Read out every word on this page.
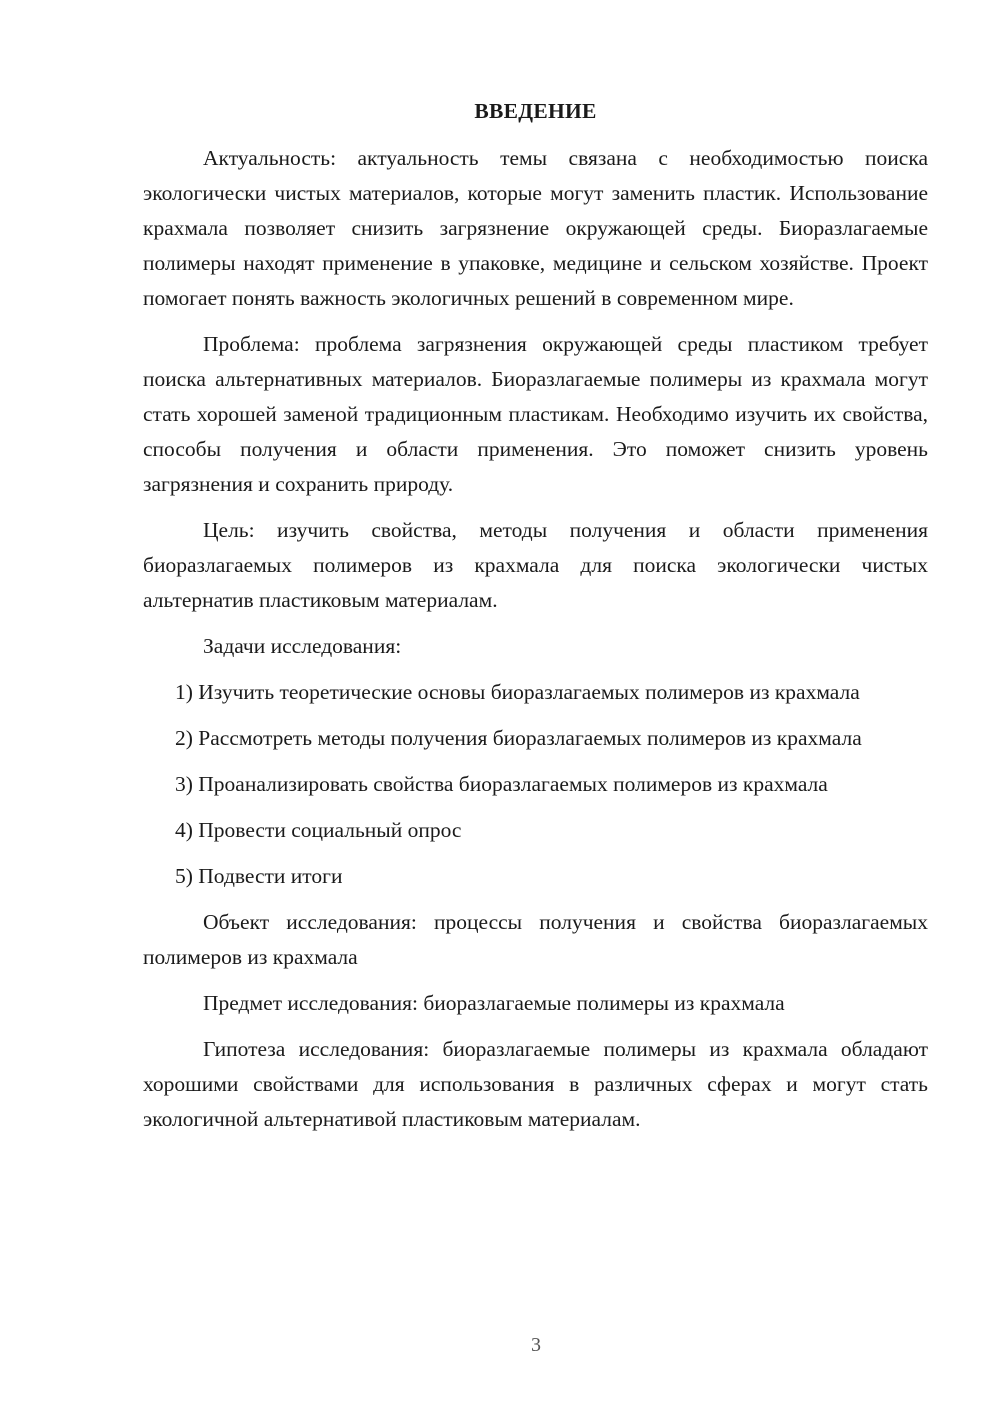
ВВЕДЕНИЕ

Актуальность: актуальность темы связана с необходимостью поиска экологически чистых материалов, которые могут заменить пластик. Использование крахмала позволяет снизить загрязнение окружающей среды. Биоразлагаемые полимеры находят применение в упаковке, медицине и сельском хозяйстве. Проект помогает понять важность экологичных решений в современном мире.

Проблема: проблема загрязнения окружающей среды пластиком требует поиска альтернативных материалов. Биоразлагаемые полимеры из крахмала могут стать хорошей заменой традиционным пластикам. Необходимо изучить их свойства, способы получения и области применения. Это поможет снизить уровень загрязнения и сохранить природу.

Цель: изучить свойства, методы получения и области применения биоразлагаемых полимеров из крахмала для поиска экологически чистых альтернатив пластиковым материалам.

Задачи исследования:

1) Изучить теоретические основы биоразлагаемых полимеров из крахмала

2) Рассмотреть методы получения биоразлагаемых полимеров из крахмала

3) Проанализировать свойства биоразлагаемых полимеров из крахмала

4) Провести социальный опрос

5) Подвести итоги

Объект исследования: процессы получения и свойства биоразлагаемых полимеров из крахмала

Предмет исследования: биоразлагаемые полимеры из крахмала

Гипотеза исследования: биоразлагаемые полимеры из крахмала обладают хорошими свойствами для использования в различных сферах и могут стать экологичной альтернативой пластиковым материалам.

3
